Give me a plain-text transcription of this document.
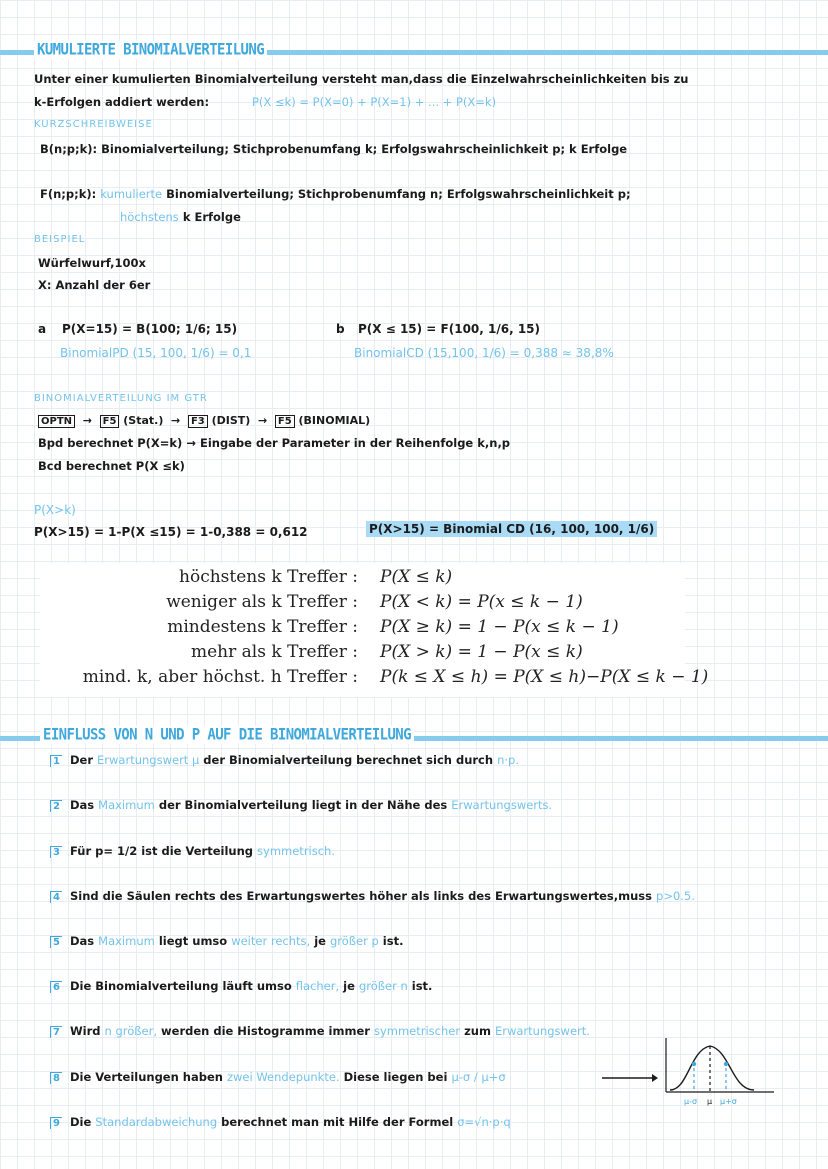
KUMULIERTE BINOMIALVERTEILUNG
Unter einer kumulierten Binomialverteilung versteht man,dass die Einzelwahrscheinlichkeiten bis zu
k-Erfolgen addiert werden:	P(X ≤k) = P(X=0) + P(X=1) + ... + P(X=k)
KURZSCHREIBWEISE
B(n;p;k): Binomialverteilung; Stichprobenumfang k; Erfolgswahrscheinlichkeit p; k Erfolge
F(n;p;k): kumulierte Binomialverteilung; Stichprobenumfang n; Erfolgswahrscheinlichkeit p;
höchstens k Erfolge
BEISPIEL
Würfelwurf,100x
X: Anzahl der 6er
a P(X=15) = B(100; 1/6; 15)
BinomialPD (15, 100, 1/6) = 0,1
b P(X ≤ 15) = F(100, 1/6, 15)
BinomialCD (15,100, 1/6) = 0,388 ≈ 38,8%
BINOMIALVERTEILUNG IM GTR
OPTN  →  F5 (Stat.)  →  F3 (DIST)  →  F5 (BINOMIAL)
Bpd berechnet P(X=k) → Eingabe der Parameter in der Reihenfolge k,n,p
Bcd berechnet P(X ≤k)
P(X>k)
P(X>15) = 1-P(X ≤15) = 1-0,388 = 0,612	P(X>15) = Binomial CD (16, 100, 100, 1/6)
höchstens k Treffer : P(X ≤ k)
weniger als k Treffer : P(X < k) = P(x ≤ k − 1)
mindestens k Treffer : P(X ≥ k) = 1 − P(x ≤ k − 1)
mehr als k Treffer : P(X > k) = 1 − P(x ≤ k)
mind. k, aber höchst. h Treffer : P(k ≤ X ≤ h) = P(X ≤ h)−P(X ≤ k − 1)
EINFLUSS VON N UND P AUF DIE BINOMIALVERTEILUNG
1 Der Erwartungswert µ der Binomialverteilung berechnet sich durch n·p.
2 Das Maximum der Binomialverteilung liegt in der Nähe des Erwartungswerts.
3 Für p= 1/2 ist die Verteilung symmetrisch.
4 Sind die Säulen rechts des Erwartungswertes höher als links des Erwartungswertes,muss p>0.5.
5 Das Maximum liegt umso weiter rechts, je größer p ist.
6 Die Binomialverteilung läuft umso flacher, je größer n ist.
7 Wird n größer, werden die Histogramme immer symmetrischer zum Erwartungswert.
8 Die Verteilungen haben zwei Wendepunkte. Diese liegen bei µ-σ / µ+σ
9 Die Standardabweichung berechnet man mit Hilfe der Formel σ=√n·p·q
µ-σ µ µ+σ
